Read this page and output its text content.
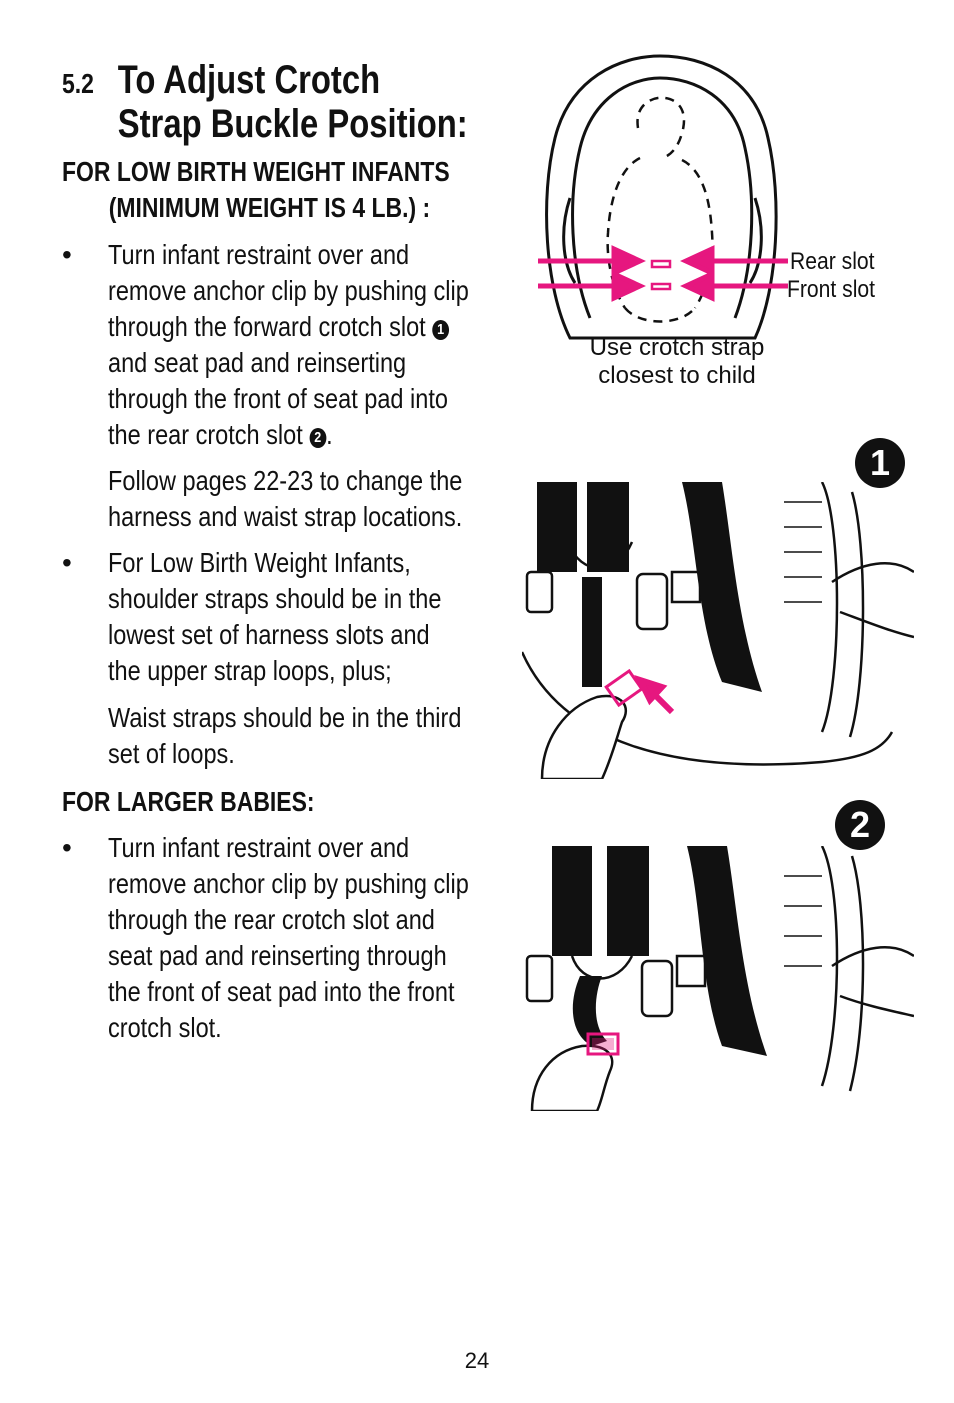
5.2 To Adjust Crotch
Strap Buckle Position:
FOR LOW BIRTH WEIGHT INFANTS
(MINIMUM WEIGHT IS 4 LB.) :
• Turn infant restraint over and
remove anchor clip by pushing clip
through the forward crotch slot 1
and seat pad and reinserting
through the front of seat pad into
the rear crotch slot 2 .
Follow pages 22-23 to change the
harness and waist strap locations.
• For Low Birth Weight Infants,
shoulder straps should be in the
lowest set of harness slots and
the upper strap loops, plus;
Waist straps should be in the third
set of loops.
FOR LARGER BABIES:
• Turn infant restraint over and
remove anchor clip by pushing clip
through the rear crotch slot and
seat pad and reinserting through
the front of seat pad into the front
crotch slot.
Rear slot
Front slot
Use crotch strap
closest to child
1
2
24
